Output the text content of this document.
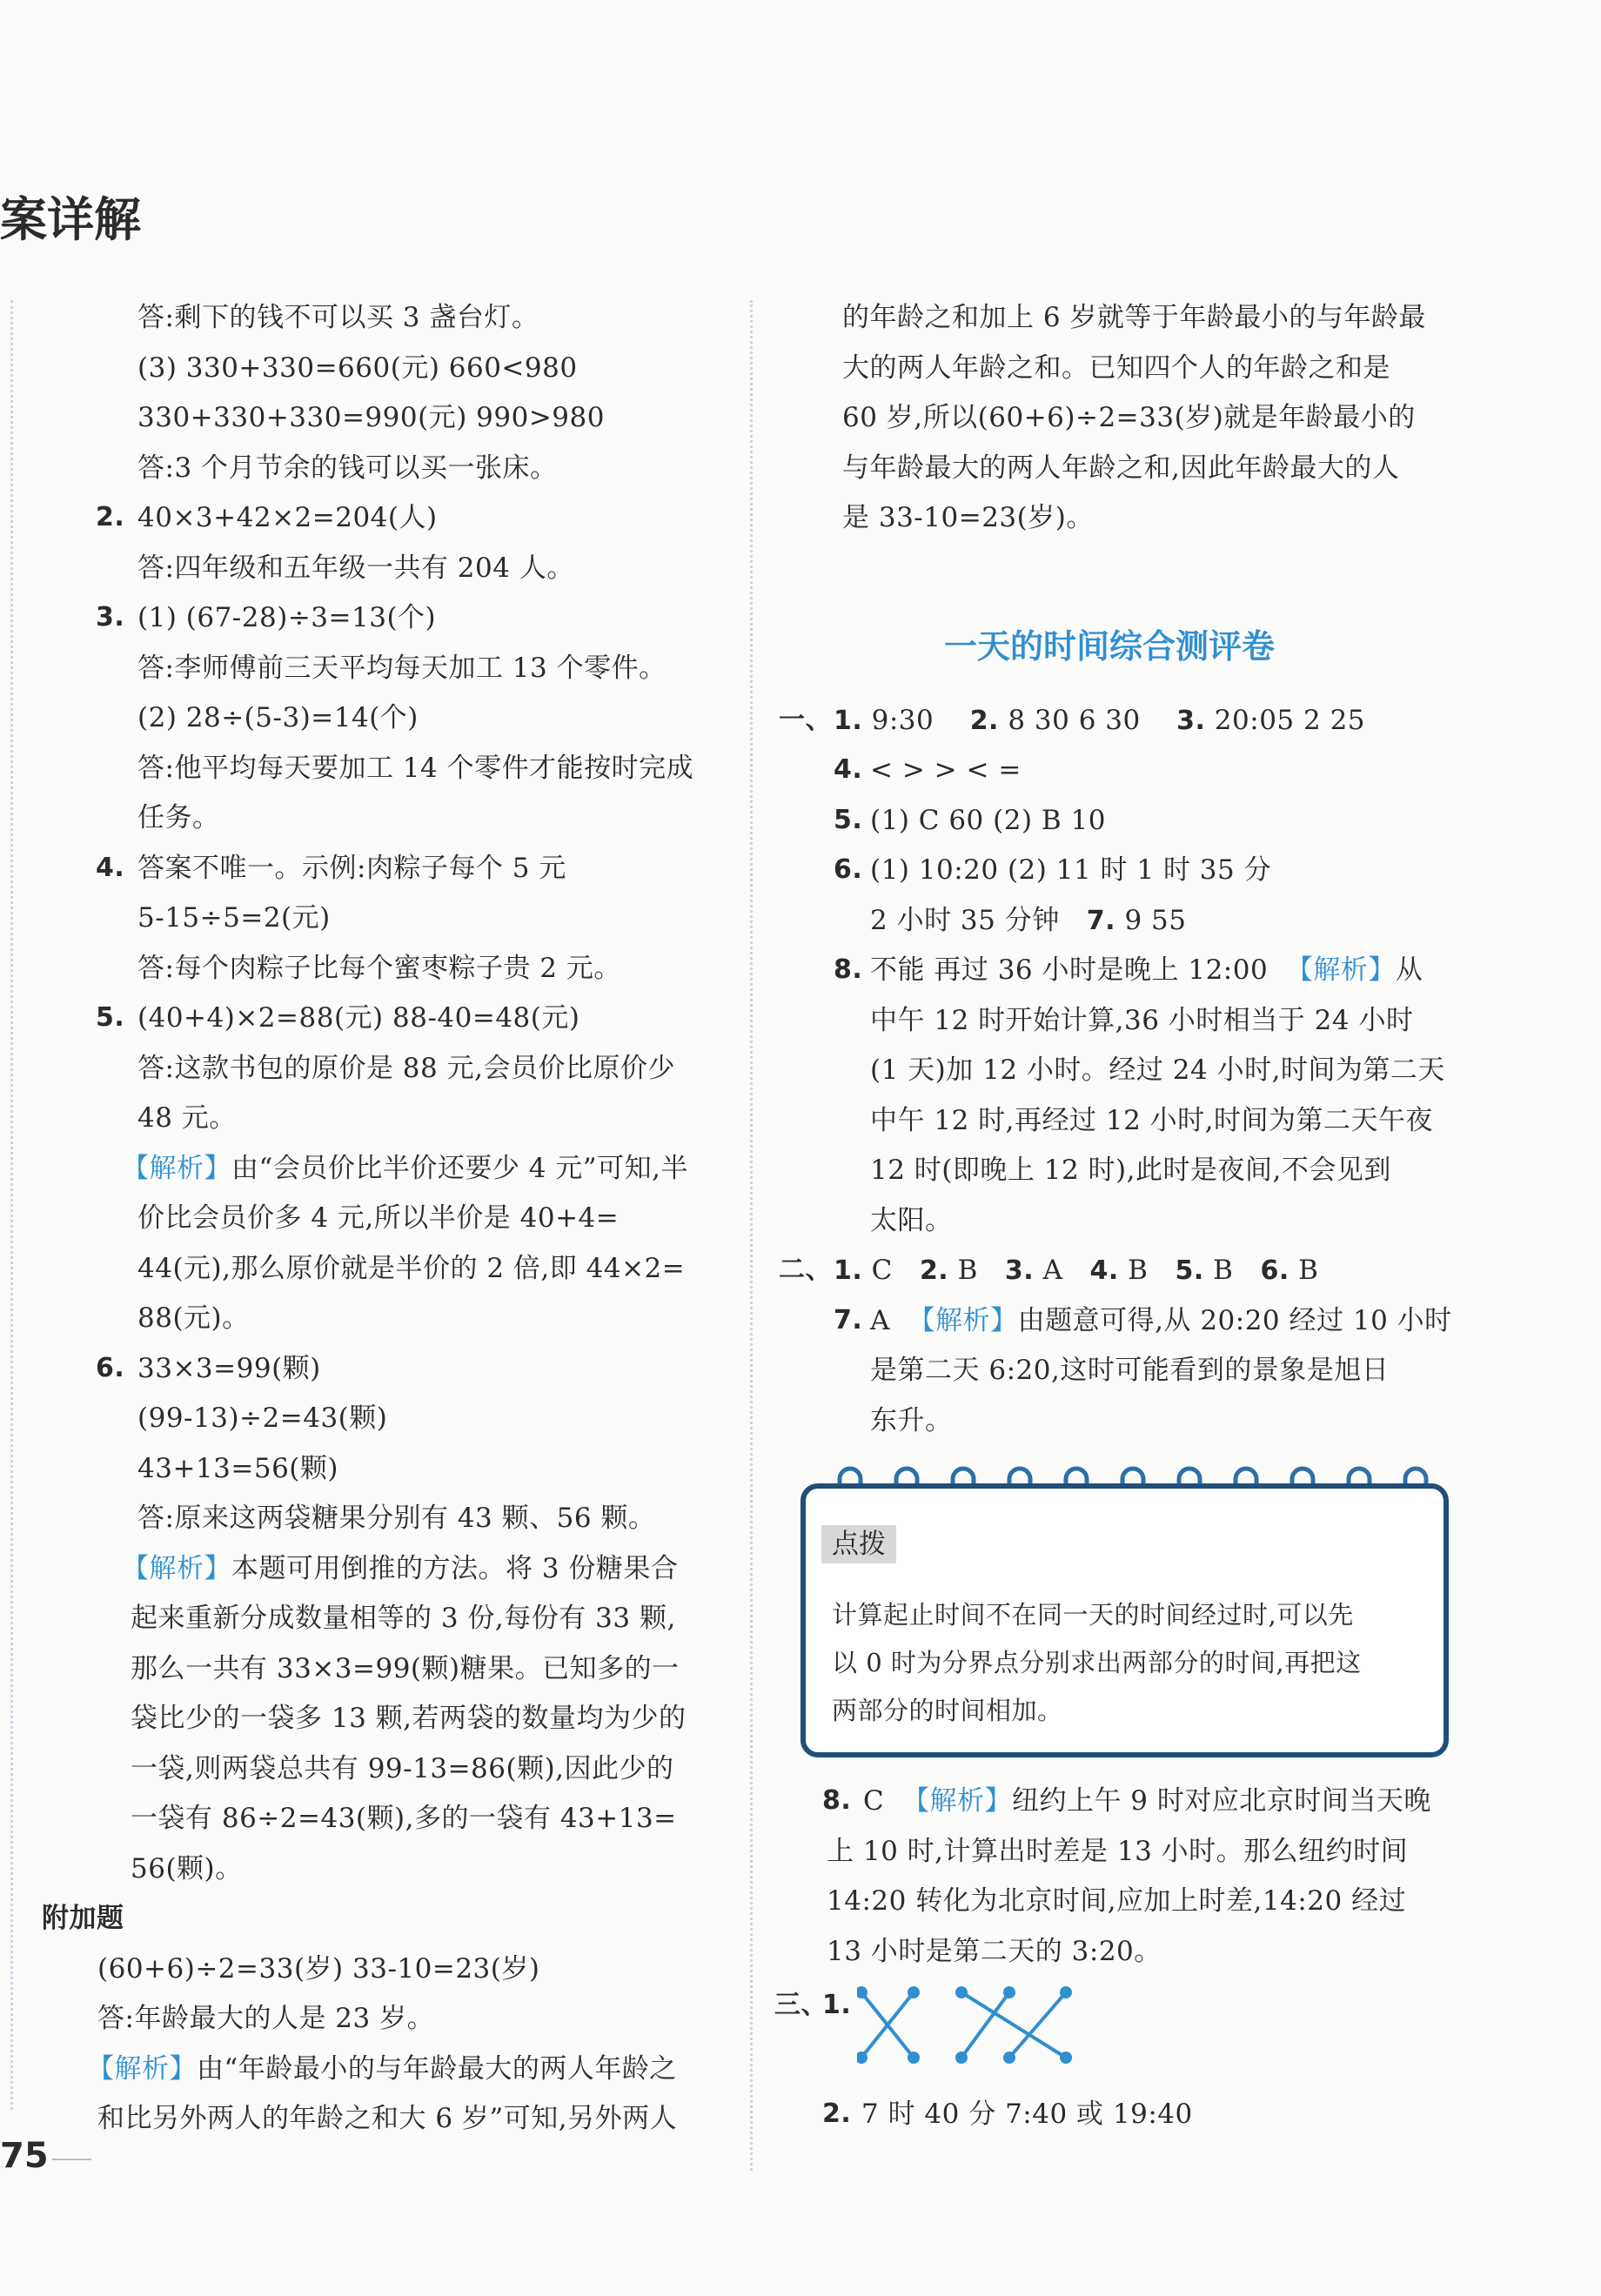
案详解
答:剩下的钱不可以买 3 盏台灯。
(3) 330+330=660(元) 660<980
330+330+330=990(元) 990>980
答:3 个月节余的钱可以买一张床。
2. 40×3+42×2=204(人)
答:四年级和五年级一共有 204 人。
3. (1) (67-28)÷3=13(个)
答:李师傅前三天平均每天加工 13 个零件。
(2) 28÷(5-3)=14(个)
答:他平均每天要加工 14 个零件才能按时完成
任务。
4. 答案不唯一。示例:肉粽子每个 5 元
5-15÷5=2(元)
答:每个肉粽子比每个蜜枣粽子贵 2 元。
5. (40+4)×2=88(元) 88-40=48(元)
答:这款书包的原价是 88 元,会员价比原价少
48 元。
【解析】由“会员价比半价还要少 4 元”可知,半
价比会员价多 4 元,所以半价是 40+4=
44(元),那么原价就是半价的 2 倍,即 44×2=
88(元)。
6. 33×3=99(颗)
(99-13)÷2=43(颗)
43+13=56(颗)
答:原来这两袋糖果分别有 43 颗、56 颗。
【解析】本题可用倒推的方法。将 3 份糖果合
起来重新分成数量相等的 3 份,每份有 33 颗,
那么一共有 33×3=99(颗)糖果。已知多的一
袋比少的一袋多 13 颗,若两袋的数量均为少的
一袋,则两袋总共有 99-13=86(颗),因此少的
一袋有 86÷2=43(颗),多的一袋有 43+13=
56(颗)。
附加题
(60+6)÷2=33(岁) 33-10=23(岁)
答:年龄最大的人是 23 岁。
【解析】由“年龄最小的与年龄最大的两人年龄之
和比另外两人的年龄之和大 6 岁”可知,另外两人
75
的年龄之和加上 6 岁就等于年龄最小的与年龄最
大的两人年龄之和。已知四个人的年龄之和是
60 岁,所以(60+6)÷2=33(岁)就是年龄最小的
与年龄最大的两人年龄之和,因此年龄最大的人
是 33-10=23(岁)。
一天的时间综合测评卷
一、 1. 9:30 2. 8 30 6 30 3. 20:05 2 25
4. < > > < =
5. (1) C 60 (2) B 10
6. (1) 10:20 (2) 11 时 1 时 35 分
2 小时 35 分钟 7. 9 55
8. 不能 再过 36 小时是晚上 12:00 【解析】从
中午 12 时开始计算,36 小时相当于 24 小时
(1 天)加 12 小时。经过 24 小时,时间为第二天
中午 12 时,再经过 12 小时,时间为第二天午夜
12 时(即晚上 12 时),此时是夜间,不会见到
太阳。
二、 1. C 2. B 3. A 4. B 5. B 6. B
7. A 【解析】由题意可得,从 20:20 经过 10 小时
是第二天 6:20,这时可能看到的景象是旭日
东升。
点拨
计算起止时间不在同一天的时间经过时,可以先
以 0 时为分界点分别求出两部分的时间,再把这
两部分的时间相加。
8. C 【解析】纽约上午 9 时对应北京时间当天晚
上 10 时,计算出时差是 13 小时。那么纽约时间
14:20 转化为北京时间,应加上时差,14:20 经过
13 小时是第二天的 3:20。
三、
1.
2. 7 时 40 分 7:40 或 19:40
